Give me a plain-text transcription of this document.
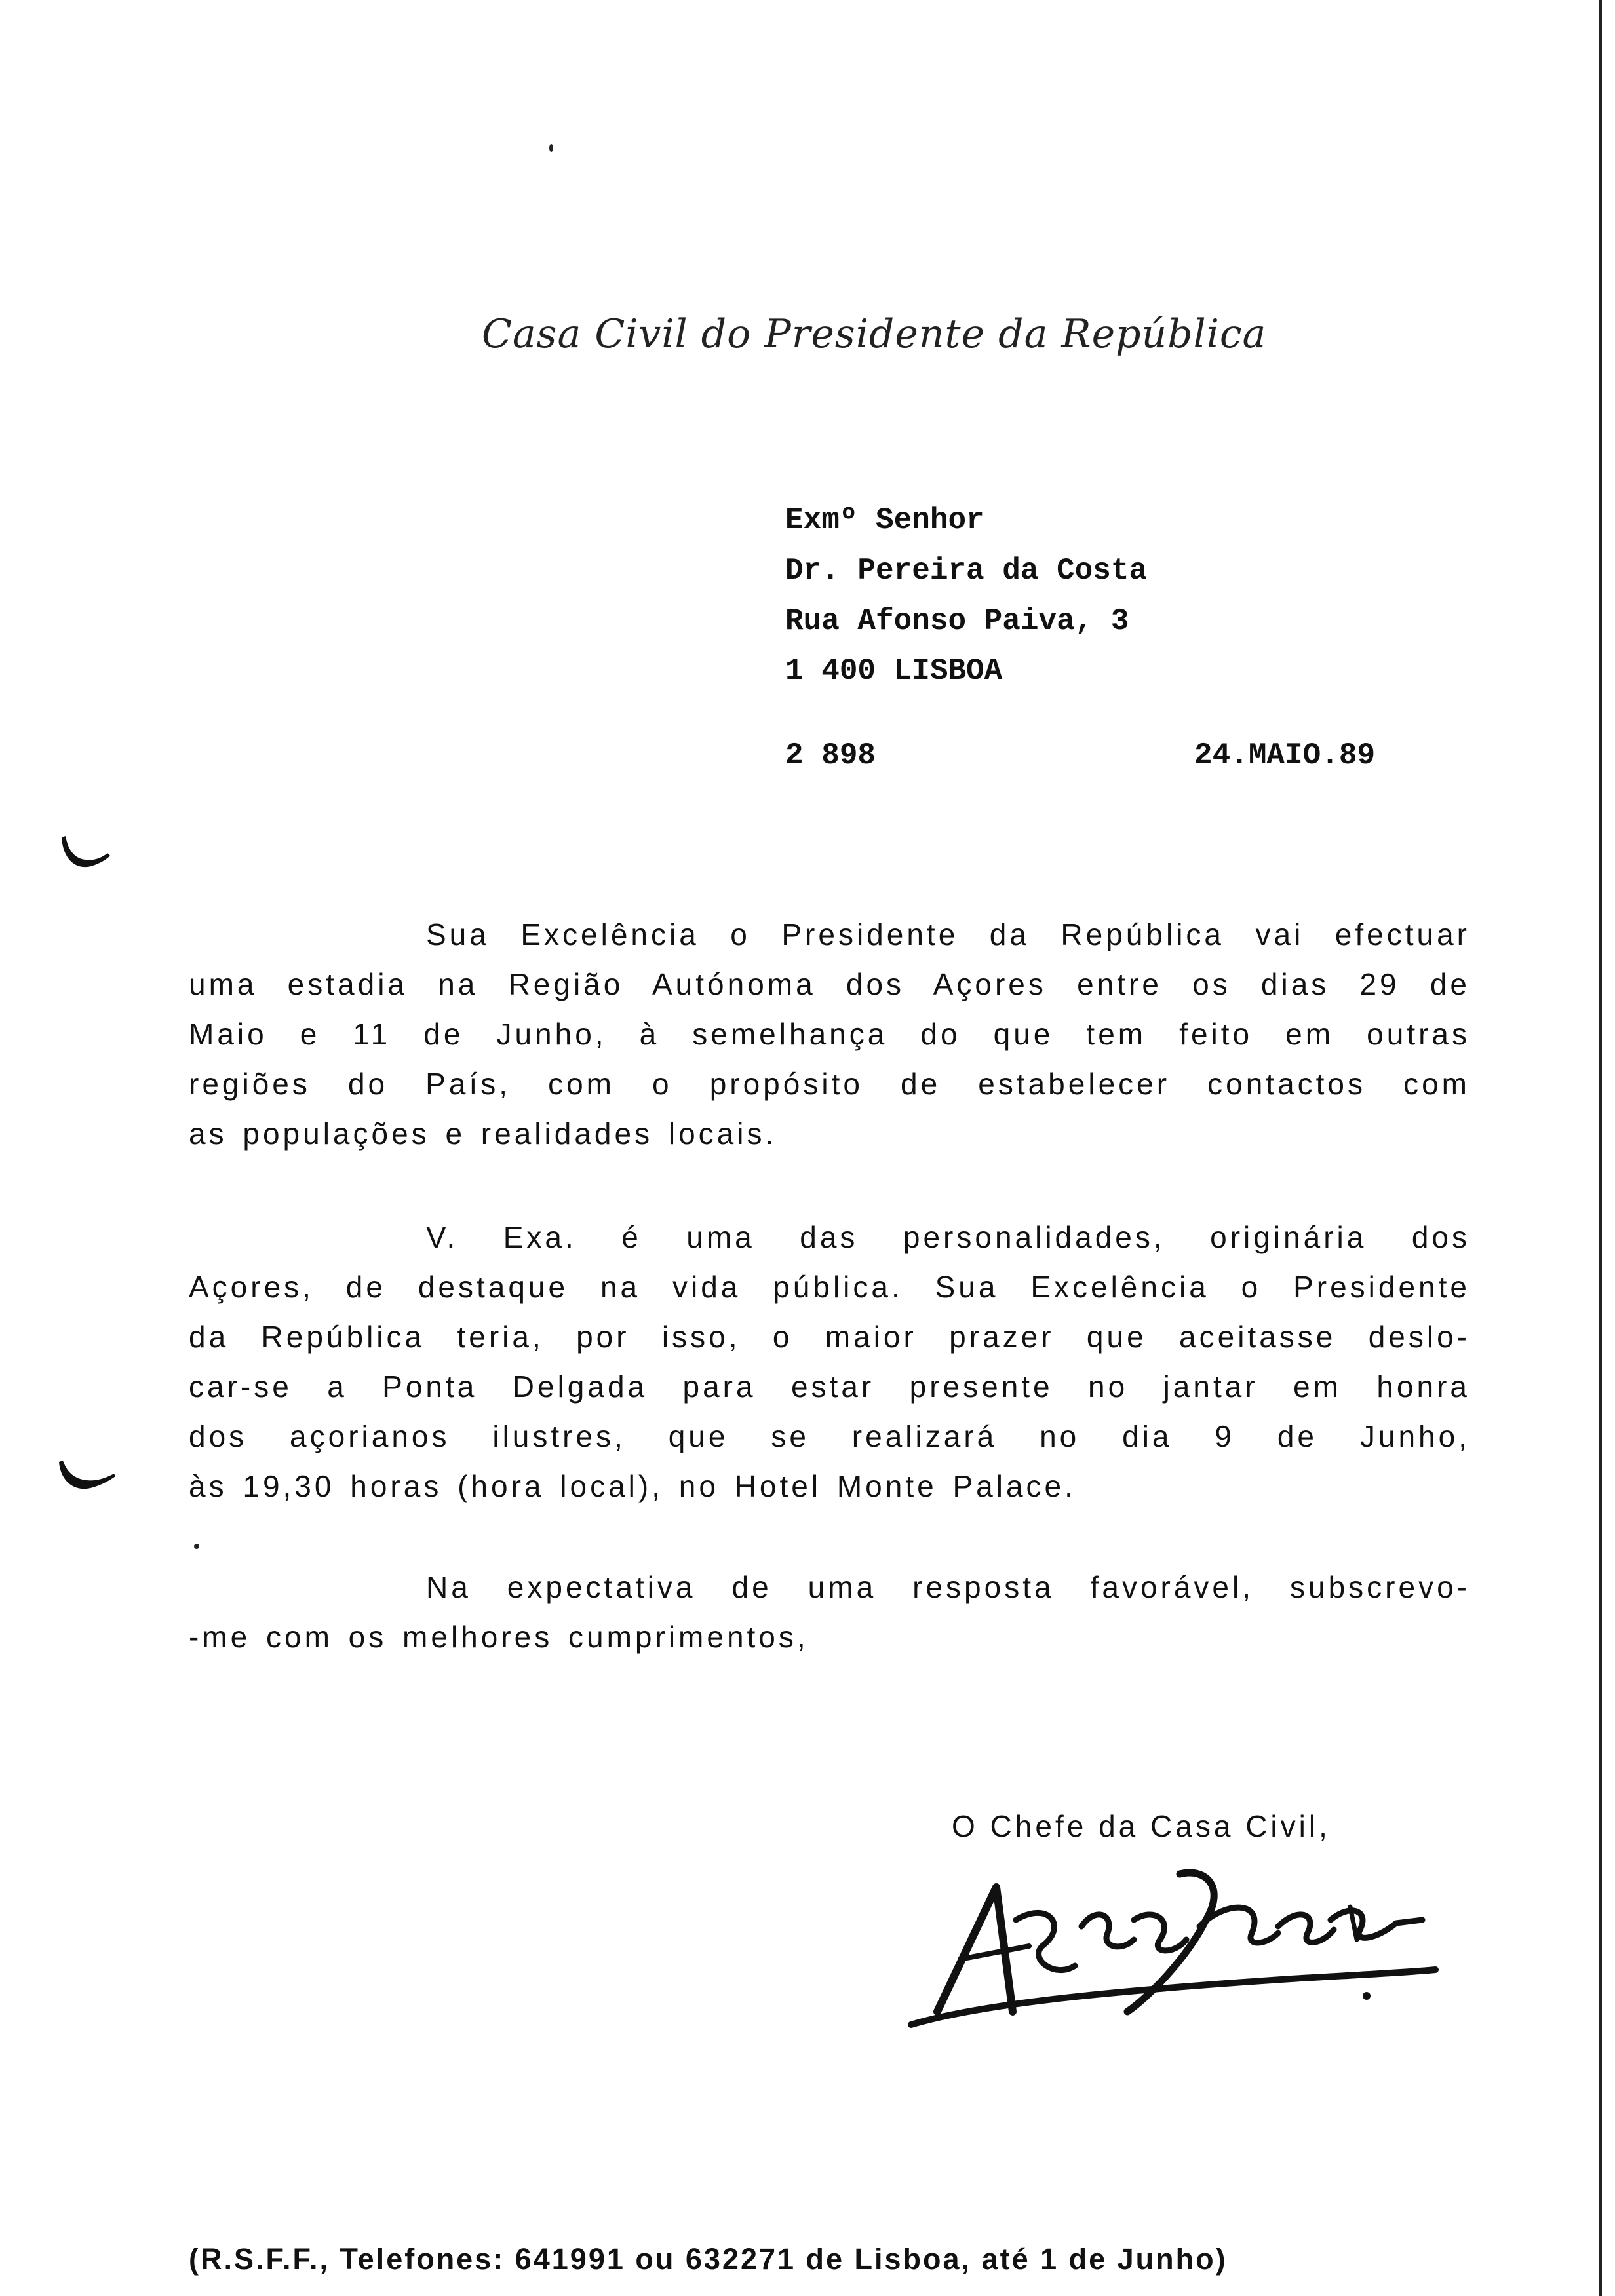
Casa Civil do Presidente da República
Exmº Senhor
Dr. Pereira da Costa
Rua Afonso Paiva, 3
1 400 LISBOA
2 898	24.MAIO.89
Sua Excelência o Presidente da República vai efectuar
uma estadia na Região Autónoma dos Açores entre os dias 29 de
Maio e 11 de Junho, à semelhança do que tem feito em outras
regiões do País, com o propósito de estabelecer contactos com
as populações e realidades locais.
V. Exa. é uma das personalidades, originária dos
Açores, de destaque na vida pública. Sua Excelência o Presidente
da República teria, por isso, o maior prazer que aceitasse deslo-
car-se a Ponta Delgada para estar presente no jantar em honra
dos açorianos ilustres, que se realizará no dia 9 de Junho,
às 19,30 horas (hora local), no Hotel Monte Palace.
Na expectativa de uma resposta favorável, subscrevo-
-me com os melhores cumprimentos,
O Chefe da Casa Civil,
(R.S.F.F., Telefones: 641991 ou 632271 de Lisboa, até 1 de Junho)
